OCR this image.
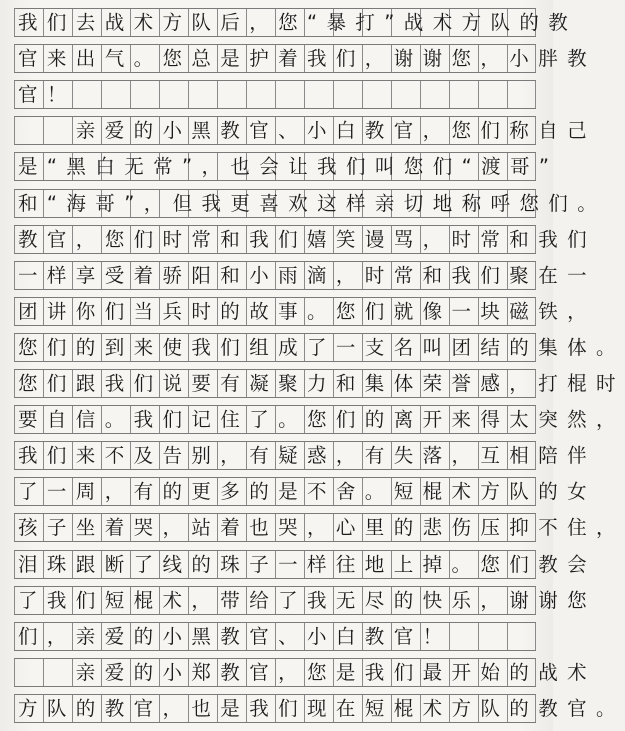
我们去战术方队后，您“暴打”战术方队的教
官来出气。您总是护着我们，谢谢您，小胖教
官！
　　亲爱的小黑教官、小白教官，您们称自己
是“黑白无常”，也会让我们叫您们“渡哥”
和“海哥”，但我更喜欢这样亲切地称呼您们。
教官，您们时常和我们嬉笑谩骂，时常和我们
一样享受着骄阳和小雨滴，时常和我们聚在一
团讲你们当兵时的故事。您们就像一块磁铁，
您们的到来使我们组成了一支名叫团结的集体。
您们跟我们说要有凝聚力和集体荣誉感，打棍时
要自信。我们记住了。您们的离开来得太突然，
我们来不及告别，有疑惑，有失落，互相陪伴
了一周，有的更多的是不舍。短棍术方队的女
孩子坐着哭，站着也哭，心里的悲伤压抑不住，
泪珠跟断了线的珠子一样往地上掉。您们教会
了我们短棍术，带给了我无尽的快乐，谢谢您
们，亲爱的小黑教官、小白教官！
　　亲爱的小郑教官，您是我们最开始的战术
方队的教官，也是我们现在短棍术方队的教官。
